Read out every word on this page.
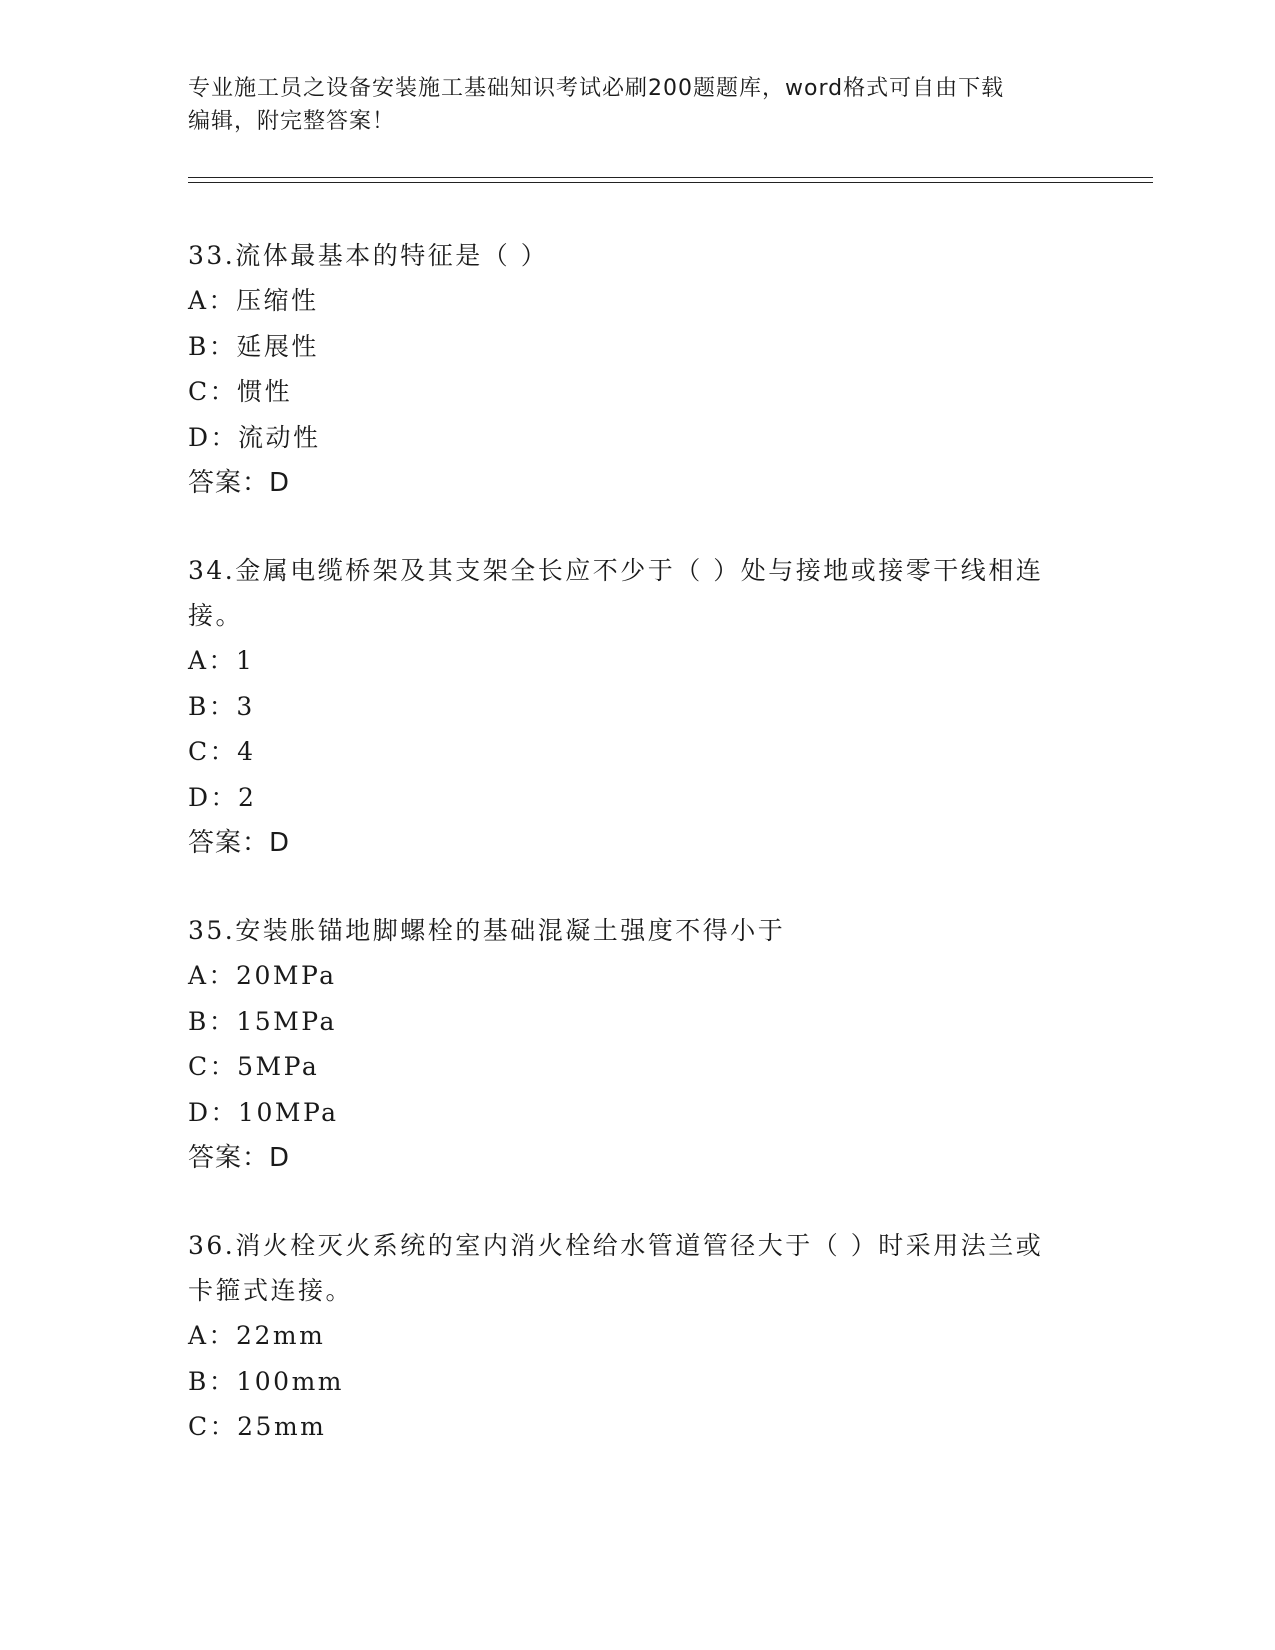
专业施工员之设备安装施工基础知识考试必刷200题题库，word格式可自由下载
编辑，附完整答案！

33.流体最基本的特征是（ ）

A：压缩性

B：延展性

C：惯性

D：流动性

答案：D

34.金属电缆桥架及其支架全长应不少于（ ）处与接地或接零干线相连接。

A：1

B：3

C：4

D：2

答案：D

35.安装胀锚地脚螺栓的基础混凝土强度不得小于

A：20MPa

B：15MPa

C：5MPa

D：10MPa

答案：D

36.消火栓灭火系统的室内消火栓给水管道管径大于（ ）时采用法兰或卡箍式连接。

A：22mm

B：100mm

C：25mm
